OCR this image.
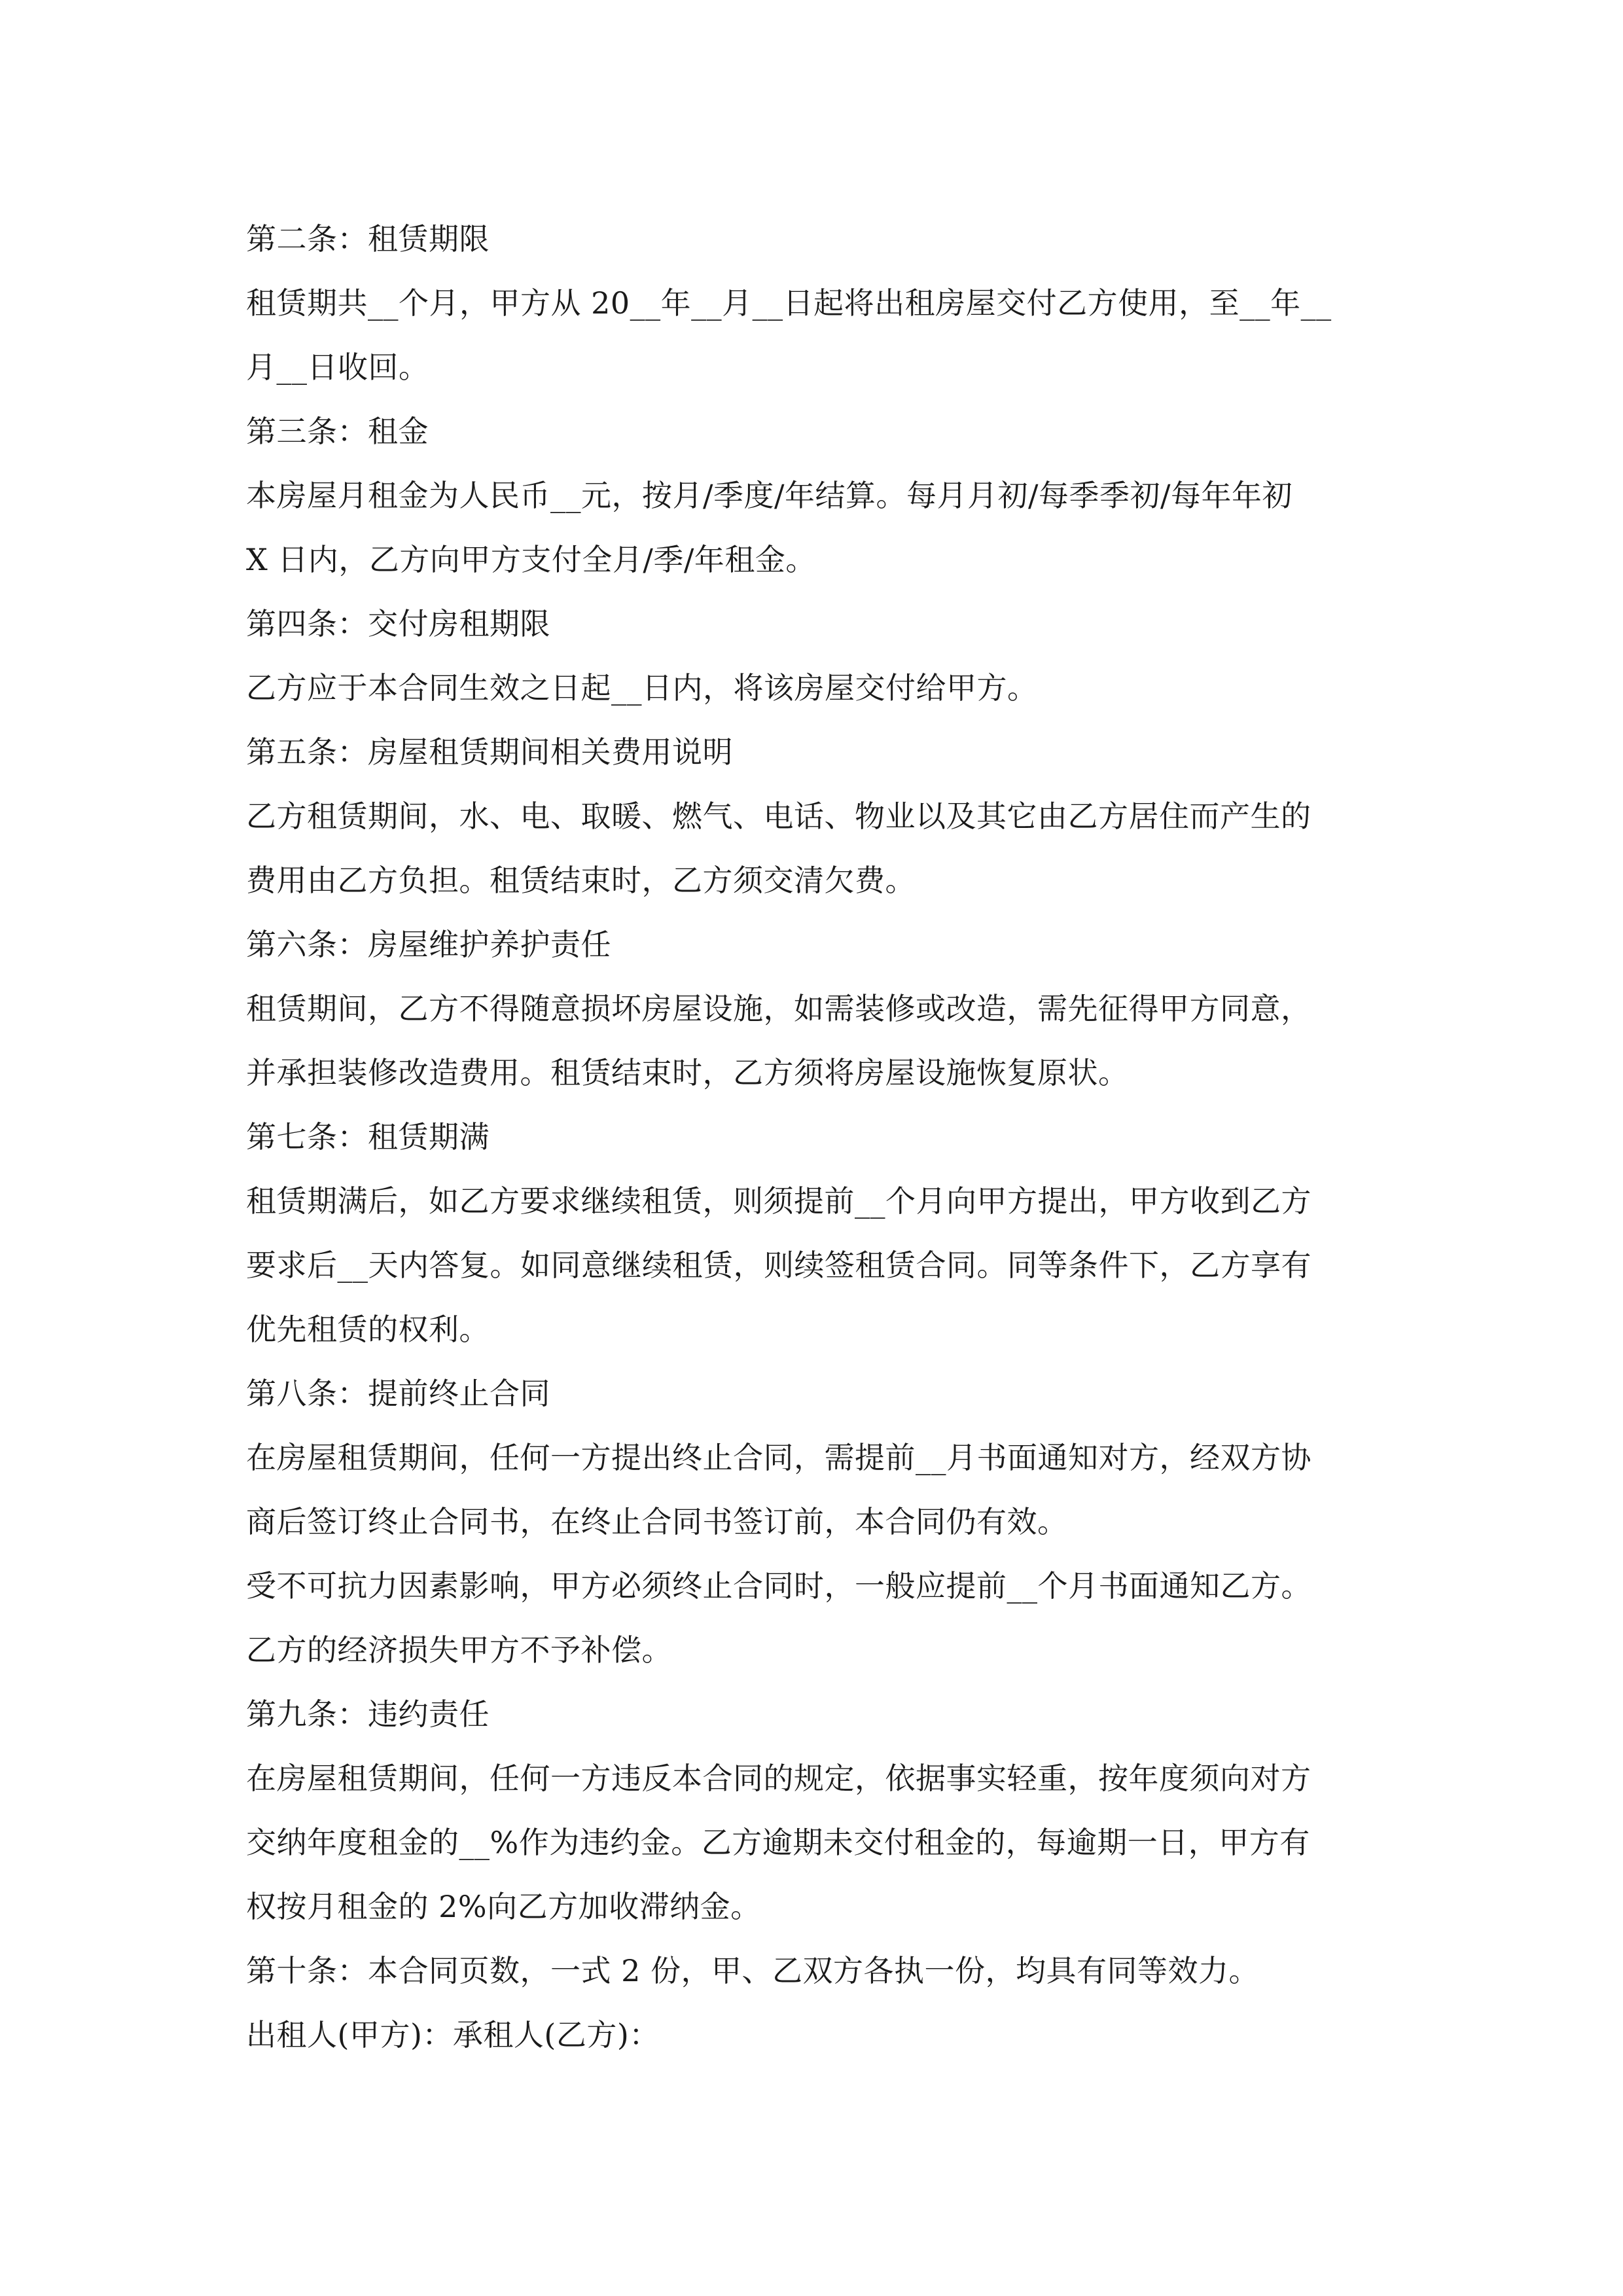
第二条：租赁期限
租赁期共__个月，甲方从 20__年__月__日起将出租房屋交付乙方使用，至__年__
月__日收回。
第三条：租金
本房屋月租金为人民币__元，按月/季度/年结算。每月月初/每季季初/每年年初
X 日内，乙方向甲方支付全月/季/年租金。
第四条：交付房租期限
乙方应于本合同生效之日起__日内，将该房屋交付给甲方。
第五条：房屋租赁期间相关费用说明
乙方租赁期间，水、电、取暖、燃气、电话、物业以及其它由乙方居住而产生的
费用由乙方负担。租赁结束时，乙方须交清欠费。
第六条：房屋维护养护责任
租赁期间，乙方不得随意损坏房屋设施，如需装修或改造，需先征得甲方同意，
并承担装修改造费用。租赁结束时，乙方须将房屋设施恢复原状。
第七条：租赁期满
租赁期满后，如乙方要求继续租赁，则须提前__个月向甲方提出，甲方收到乙方
要求后__天内答复。如同意继续租赁，则续签租赁合同。同等条件下，乙方享有
优先租赁的权利。
第八条：提前终止合同
在房屋租赁期间，任何一方提出终止合同，需提前__月书面通知对方，经双方协
商后签订终止合同书，在终止合同书签订前，本合同仍有效。
受不可抗力因素影响，甲方必须终止合同时，一般应提前__个月书面通知乙方。
乙方的经济损失甲方不予补偿。
第九条：违约责任
在房屋租赁期间，任何一方违反本合同的规定，依据事实轻重，按年度须向对方
交纳年度租金的__%作为违约金。乙方逾期未交付租金的，每逾期一日，甲方有
权按月租金的 2%向乙方加收滞纳金。
第十条：本合同页数，一式 2 份，甲、乙双方各执一份，均具有同等效力。
出租人(甲方)：承租人(乙方)：
